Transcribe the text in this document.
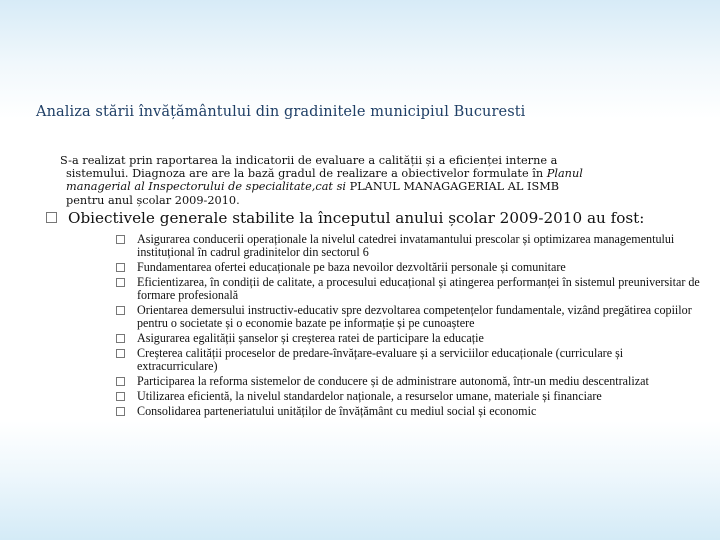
Analiza stării învățământului din gradinitele municipiul Bucuresti
S-a realizat prin raportarea la indicatorii de evaluare a calității și a eficienței interne a
sistemului. Diagnoza are are la bază gradul de realizare a obiectivelor formulate în Planul
managerial al Inspectorului de specialitate,cat si PLANUL MANAGAGERIAL AL ISMB
pentru anul școlar 2009-2010.
Obiectivele generale stabilite la începutul anului școlar 2009-2010 au fost:
Asigurarea conducerii operaționale la nivelul catedrei invatamantului prescolar și optimizarea managementului instituțional în cadrul gradinitelor din sectorul 6
Fundamentarea ofertei educaționale pe baza nevoilor dezvoltării personale și comunitare
Eficientizarea, în condiții de calitate, a procesului educațional și atingerea performanței în sistemul preuniversitar de formare profesională
Orientarea demersului instructiv-educativ spre dezvoltarea competențelor fundamentale, vizând pregătirea copiilor pentru o societate și o economie bazate pe informație și pe cunoaștere
Asigurarea egalității șanselor și creșterea ratei de participare la educație
Creșterea calității proceselor de predare-învățare-evaluare și a serviciilor educaționale (curriculare și extracurriculare)
Participarea la reforma sistemelor de conducere și de administrare autonomă, într-un mediu descentralizat
Utilizarea eficientă, la nivelul standardelor naționale, a resurselor umane, materiale și financiare
Consolidarea parteneriatului unităților de învățământ cu mediul social și economic
